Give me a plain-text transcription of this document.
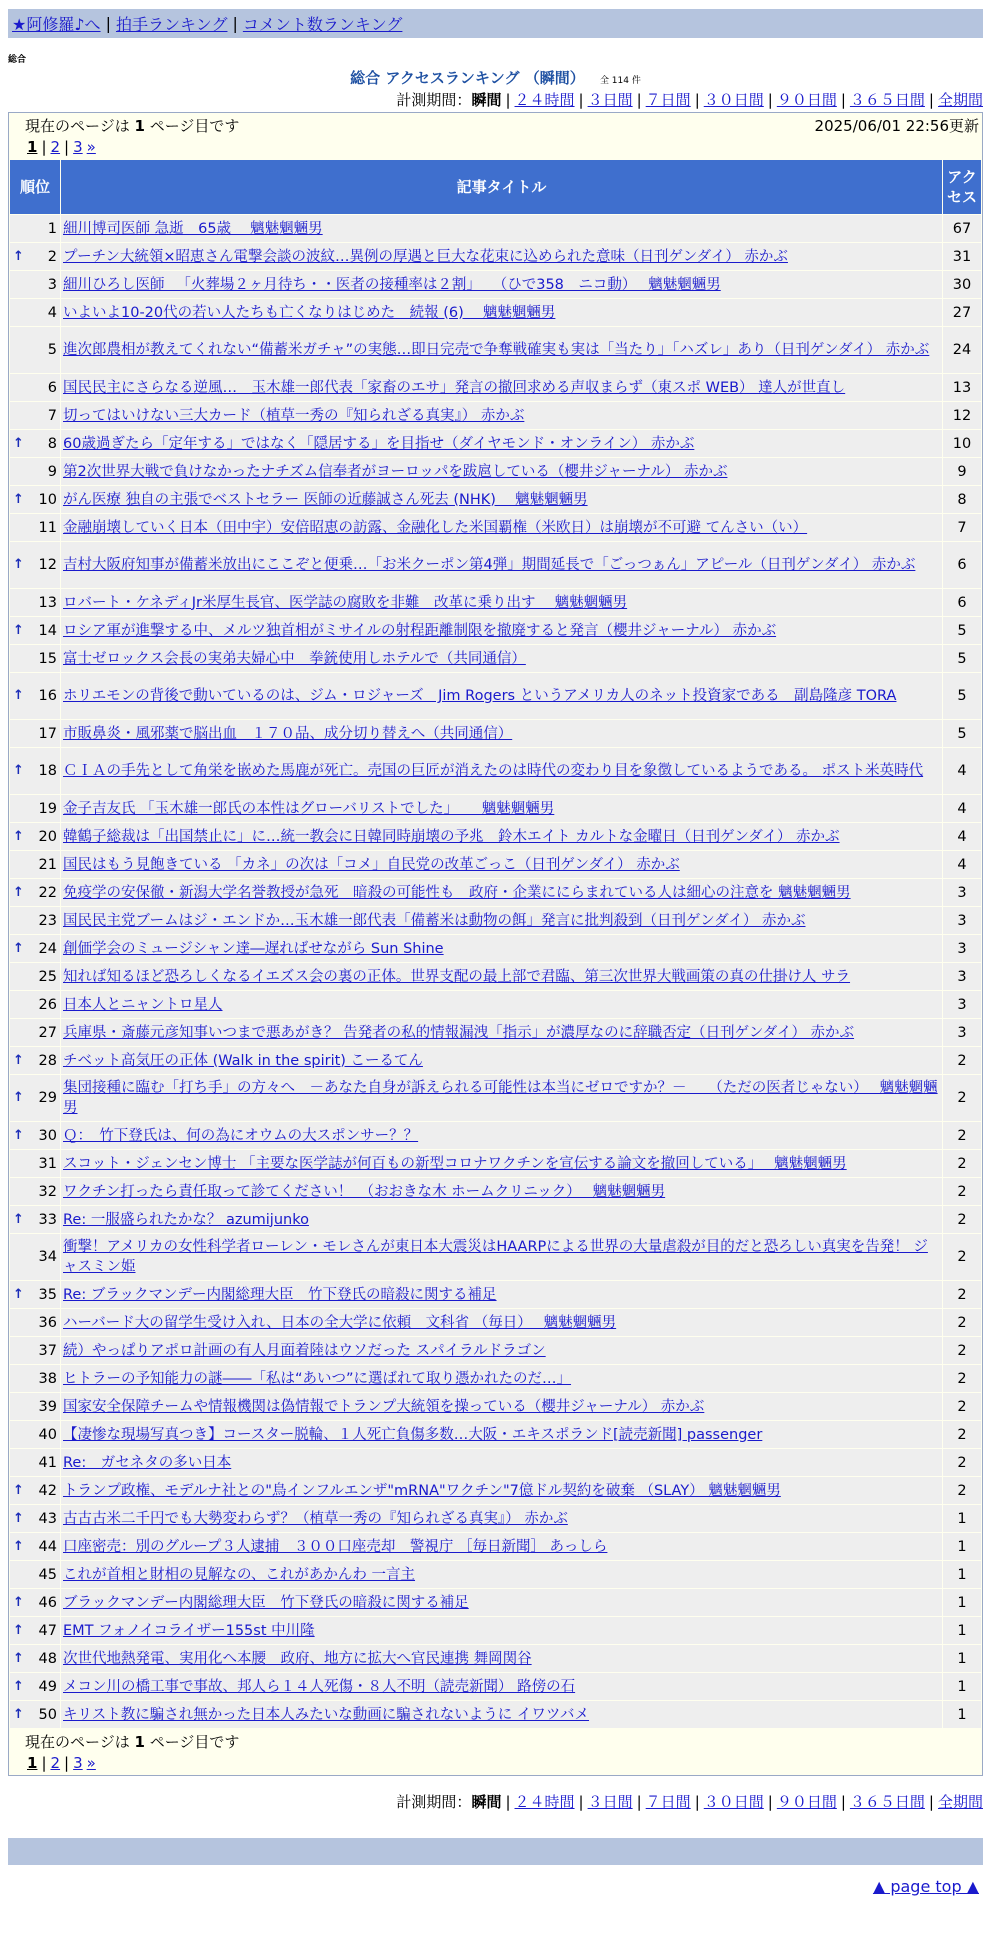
★阿修羅♪へ | 拍手ランキング | コメント数ランキング
総合
総合 アクセスランキング （瞬間） 全 114 件
計測期間：瞬間 | ２４時間 | ３日間 | ７日間 | ３０日間 | ９０日間 | ３６５日間 | 全期間
現在のページは 1 ページ目です	2025/06/01 22:56更新
1 | 2 | 3 »
順位	記事タイトル	アクセス
1	細川博司医師 急逝　65歳　 魑魅魍魎男	67

↑ 2	プーチン大統領×昭恵さん電撃会談の波紋…異例の厚遇と巨大な花束に込められた意味（日刊ゲンダイ） 赤かぶ	31
3	細川ひろし医師 　「火葬場２ヶ月待ち・・医者の接種率は２割」 　（ひで358　ニコ動）　 魑魅魍魎男	30
4	いよいよ10-20代の若い人たちも亡くなりはじめた　続報 (6)　 魑魅魍魎男	27
5	進次郎農相が教えてくれない“備蓄米ガチャ”の実態…即日完売で争奪戦確実も実は「当たり」「ハズレ」あり（日刊ゲンダイ） 赤かぶ	24
6	国民民主にさらなる逆風…　玉木雄一郎代表「家畜のエサ」発言の撤回求める声収まらず（東スポ WEB） 達人が世直し	13
7	切ってはいけない三大カード（植草一秀の『知られざる真実』） 赤かぶ	12

↑ 8	60歳過ぎたら「定年する」ではなく「隠居する」を目指せ（ダイヤモンド・オンライン） 赤かぶ	10
9	第2次世界大戦で負けなかったナチズム信奉者がヨーロッパを跋扈している（櫻井ジャーナル） 赤かぶ	9

↑ 10	がん医療 独自の主張でベストセラー 医師の近藤誠さん死去 (NHK)　 魑魅魍魎男	8
11	金融崩壊していく日本（田中宇）安倍昭恵の訪露、金融化した米国覇権（米欧日）は崩壊が不可避 てんさい（い）	7

↑ 12	吉村大阪府知事が備蓄米放出にここぞと便乗…「お米クーポン第4弾」期間延長で「ごっつぁん」アピール（日刊ゲンダイ） 赤かぶ	6
13	ロバート・ケネディJr米厚生長官、医学誌の腐敗を非難　改革に乗り出す　 魑魅魍魎男	6

↑ 14	ロシア軍が進撃する中、メルツ独首相がミサイルの射程距離制限を撤廃すると発言（櫻井ジャーナル） 赤かぶ	5
15	富士ゼロックス会長の実弟夫婦心中　拳銃使用しホテルで（共同通信）	5

↑ 16	ホリエモンの背後で動いているのは、ジム・ロジャーズ　Jim Rogers というアメリカ人のネット投資家である　副島隆彦 TORA	5
17	市販鼻炎・風邪薬で脳出血　１７０品、成分切り替えへ（共同通信）	5

↑ 18	ＣＩＡの手先として角栄を嵌めた馬鹿が死亡。売国の巨匠が消えたのは時代の変わり目を象徴しているようである。 ポスト米英時代	4
19	金子吉友氏 「玉木雄一郎氏の本性はグローバリストでした」 　 魑魅魍魎男	4

↑ 20	韓鶴子総裁は「出国禁止に」に…統一教会に日韓同時崩壊の予兆　鈴木エイト カルトな金曜日（日刊ゲンダイ） 赤かぶ	4
21	国民はもう見飽きている 「カネ」の次は「コメ」自民党の改革ごっこ（日刊ゲンダイ） 赤かぶ	4

↑ 22	免疫学の安保徹・新潟大学名誉教授が急死　暗殺の可能性も　政府・企業ににらまれている人は細心の注意を 魑魅魍魎男	3
23	国民民主党ブームはジ・エンドか…玉木雄一郎代表「備蓄米は動物の餌」発言に批判殺到（日刊ゲンダイ） 赤かぶ	3

↑ 24	創価学会のミュージシャン達―遅ればせながら Sun Shine	3
25	知れば知るほど恐ろしくなるイエズス会の裏の正体。世界支配の最上部で君臨、第三次世界大戦画策の真の仕掛け人 サラ	3
26	日本人とニャントロ星人	3
27	兵庫県・斎藤元彦知事いつまで悪あがき？ 告発者の私的情報漏洩「指示」が濃厚なのに辞職否定（日刊ゲンダイ） 赤かぶ	3

↑ 28	チベット高気圧の正体 (Walk in the spirit) こーるてん	2

↑ 29	集団接種に臨む「打ち手」の方々へ　－あなた自身が訴えられる可能性は本当にゼロですか？－　　（ただの医者じゃない）　 魑魅魍魎男	2

↑ 30	Ｑ：　竹下登氏は、何の為にオウムの大スポンサー？？	2
31	スコット・ジェンセン博士 「主要な医学誌が何百もの新型コロナワクチンを宣伝する論文を撤回している」　 魑魅魍魎男	2
32	ワクチン打ったら責任取って診てください！　（おおきな木 ホームクリニック）　 魑魅魍魎男	2

↑ 33	Re: 一服盛られたかな？ azumijunko	2
34	衝撃！アメリカの女性科学者ローレン・モレさんが東日本大震災はHAARPによる世界の大量虐殺が目的だと恐ろしい真実を告発！ ジャスミン姫	2

↑ 35	Re: ブラックマンデー内閣総理大臣　竹下登氏の暗殺に関する補足	2
36	ハーバード大の留学生受け入れ、日本の全大学に依頼　文科省 （毎日）　 魑魅魍魎男	2
37	続）やっぱりアポロ計画の有人月面着陸はウソだった スパイラルドラゴン	2
38	ヒトラーの予知能力の謎――「私は“あいつ”に選ばれて取り憑かれたのだ…」	2
39	国家安全保障チームや情報機関は偽情報でトランプ大統領を操っている（櫻井ジャーナル） 赤かぶ	2
40	【凄惨な現場写真つき】コースター脱輪、１人死亡負傷多数…大阪・エキスポランド[読売新聞] passenger	2
41	Re:　ガセネタの多い日本	2

↑ 42	トランプ政権、モデルナ社との"鳥インフルエンザ"mRNA"ワクチン"7億ドル契約を破棄 （SLAY） 魑魅魍魎男	2

↑ 43	古古古米二千円でも大勢変わらず？（植草一秀の『知られざる真実』） 赤かぶ	1

↑ 44	口座密売：別のグループ３人逮捕　３００口座売却　警視庁 ［毎日新聞］ あっしら	1
45	これが首相と財相の見解なの、これがあかんわ 一言主	1

↑ 46	ブラックマンデー内閣総理大臣　竹下登氏の暗殺に関する補足	1

↑ 47	EMT フォノイコライザー155st 中川隆	1

↑ 48	次世代地熱発電、実用化へ本腰　政府、地方に拡大へ官民連携 舞岡関谷	1

↑ 49	メコン川の橋工事で事故、邦人ら１４人死傷・８人不明（読売新聞） 路傍の石	1

↑ 50	キリスト教に騙され無かった日本人みたいな動画に騙されないように イワツバメ	1
現在のページは 1 ページ目です
1 | 2 | 3 »
計測期間：瞬間 | ２４時間 | ３日間 | ７日間 | ３０日間 | ９０日間 | ３６５日間 | 全期間
▲ page top ▲
